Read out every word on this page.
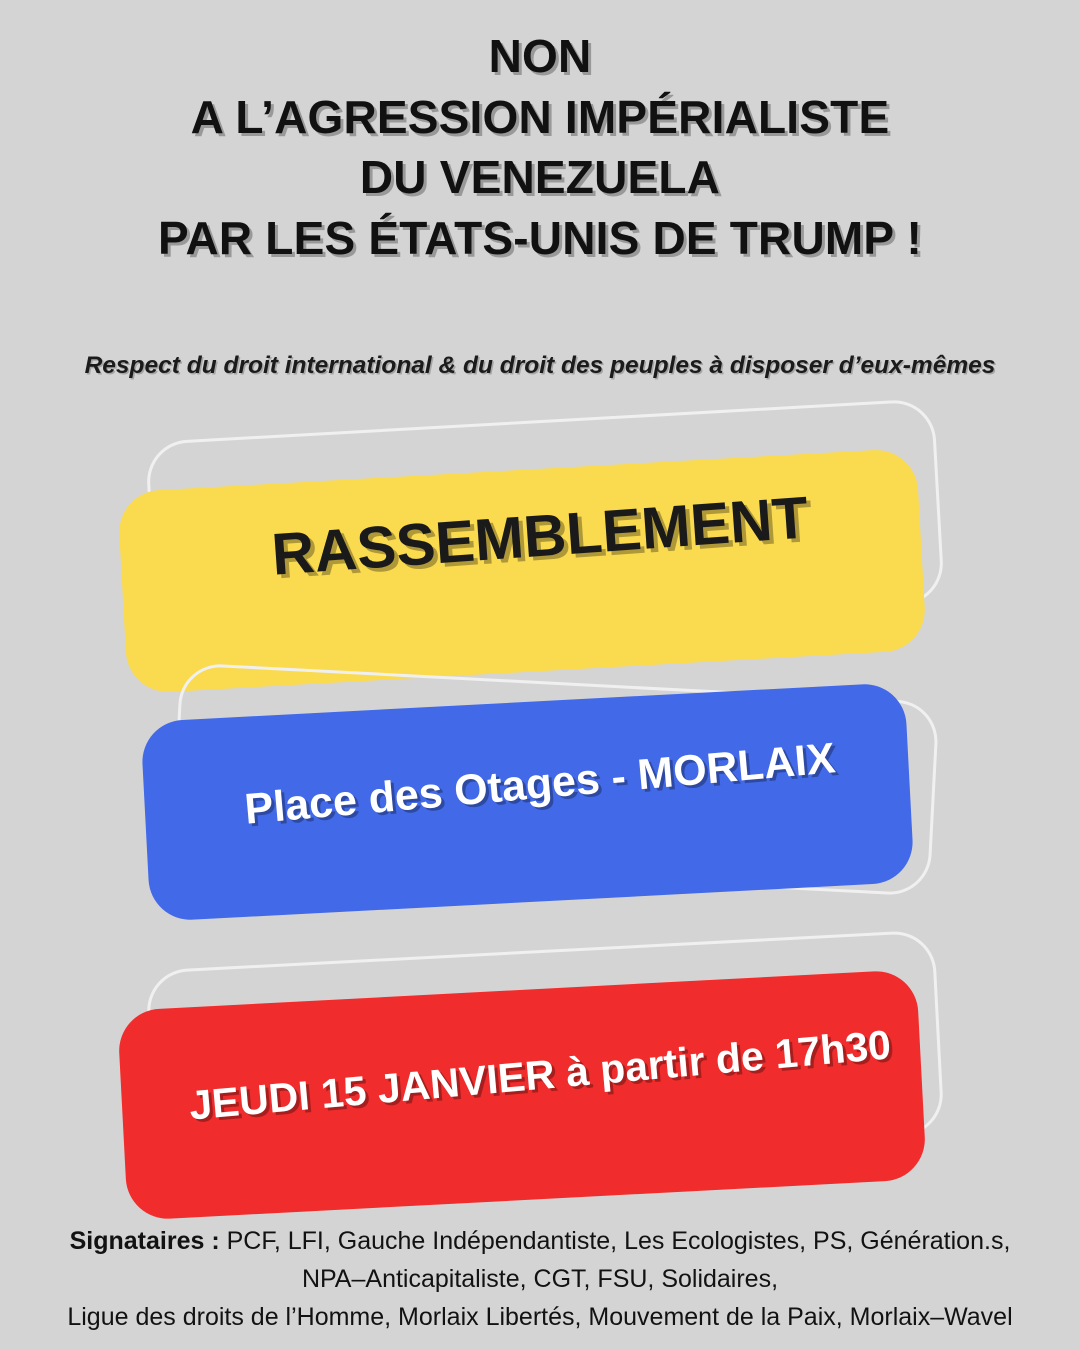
NON
A L’AGRESSION IMPÉRIALISTE
DU VENEZUELA
PAR LES ÉTATS-UNIS DE TRUMP !
Respect du droit international & du droit des peuples à disposer d’eux-mêmes
RASSEMBLEMENT
Place des Otages - MORLAIX
JEUDI 15 JANVIER à partir de 17h30
Signataires : PCF, LFI, Gauche Indépendantiste, Les Ecologistes, PS, Génération.s,
NPA–Anticapitaliste, CGT, FSU, Solidaires,
Ligue des droits de l’Homme, Morlaix Libertés, Mouvement de la Paix, Morlaix–Wavel
